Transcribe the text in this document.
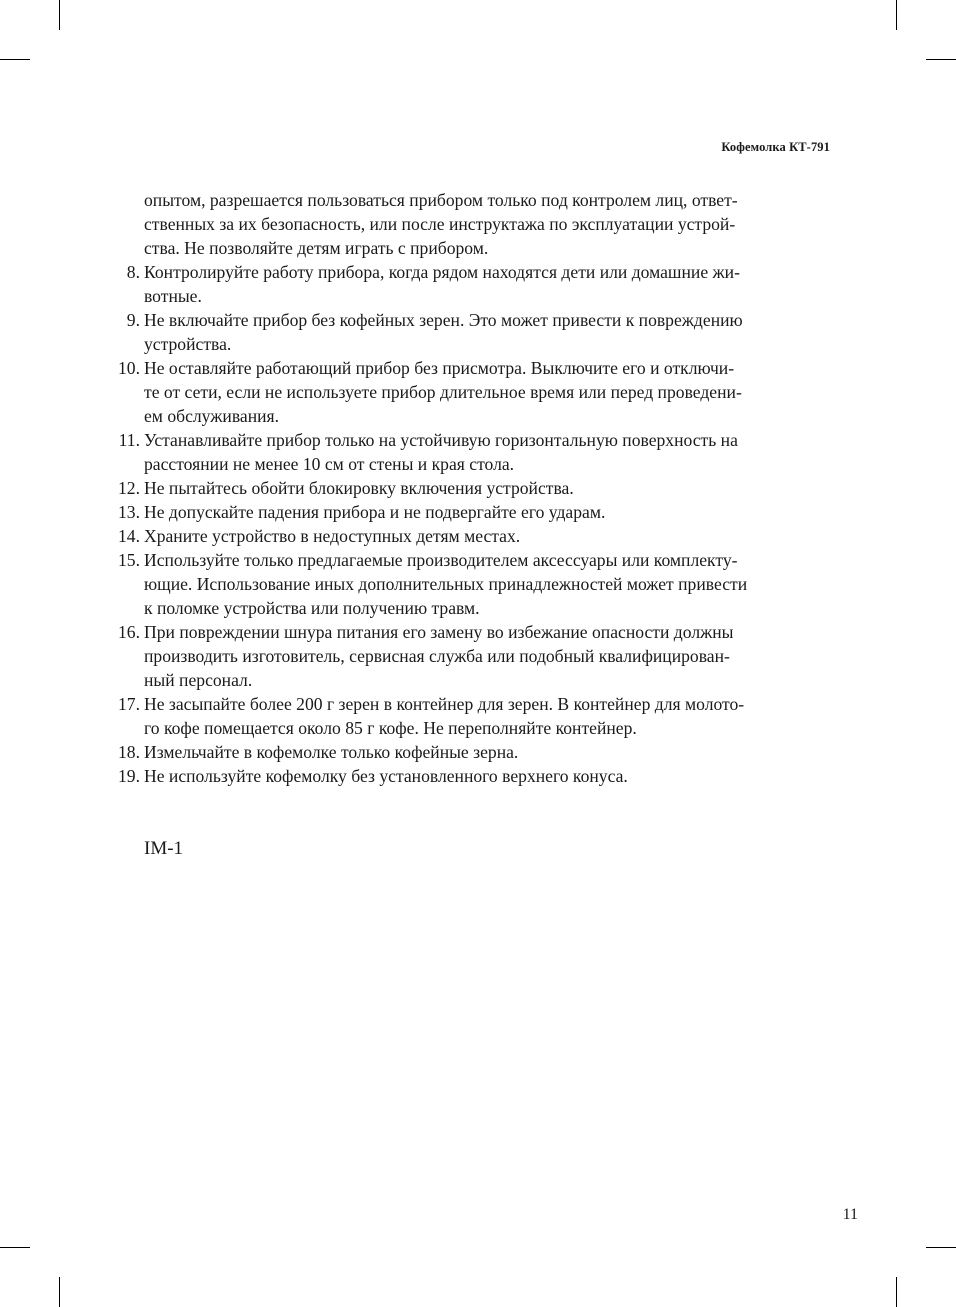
Кофемолка КТ-791

опытом, разрешается пользоваться прибором только под контролем лиц, ответ-
ственных за их безопасность, или после инструктажа по эксплуатации устрой-
ства. Не позволяйте детям играть с прибором.

8. Контролируйте работу прибора, когда рядом находятся дети или домашние жи-
вотные.
9. Не включайте прибор без кофейных зерен. Это может привести к повреждению
устройства.
10. Не оставляйте работающий прибор без присмотра. Выключите его и отключи-
те от сети, если не используете прибор длительное время или перед проведени-
ем обслуживания.
11. Устанавливайте прибор только на устойчивую горизонтальную поверхность на
расстоянии не менее 10 см от стены и края стола.
12. Не пытайтесь обойти блокировку включения устройства.
13. Не допускайте падения прибора и не подвергайте его ударам.
14. Храните устройство в недоступных детям местах.
15. Используйте только предлагаемые производителем аксессуары или комплекту-
ющие. Использование иных дополнительных принадлежностей может привести
к поломке устройства или получению травм.
16. При повреждении шнура питания его замену во избежание опасности должны
производить изготовитель, сервисная служба или подобный квалифицирован-
ный персонал.
17. Не засыпайте более 200 г зерен в контейнер для зерен. В контейнер для молото-
го кофе помещается около 85 г кофе. Не переполняйте контейнер.
18. Измельчайте в кофемолке только кофейные зерна.
19. Не используйте кофемолку без установленного верхнего конуса.
IM-1
11
